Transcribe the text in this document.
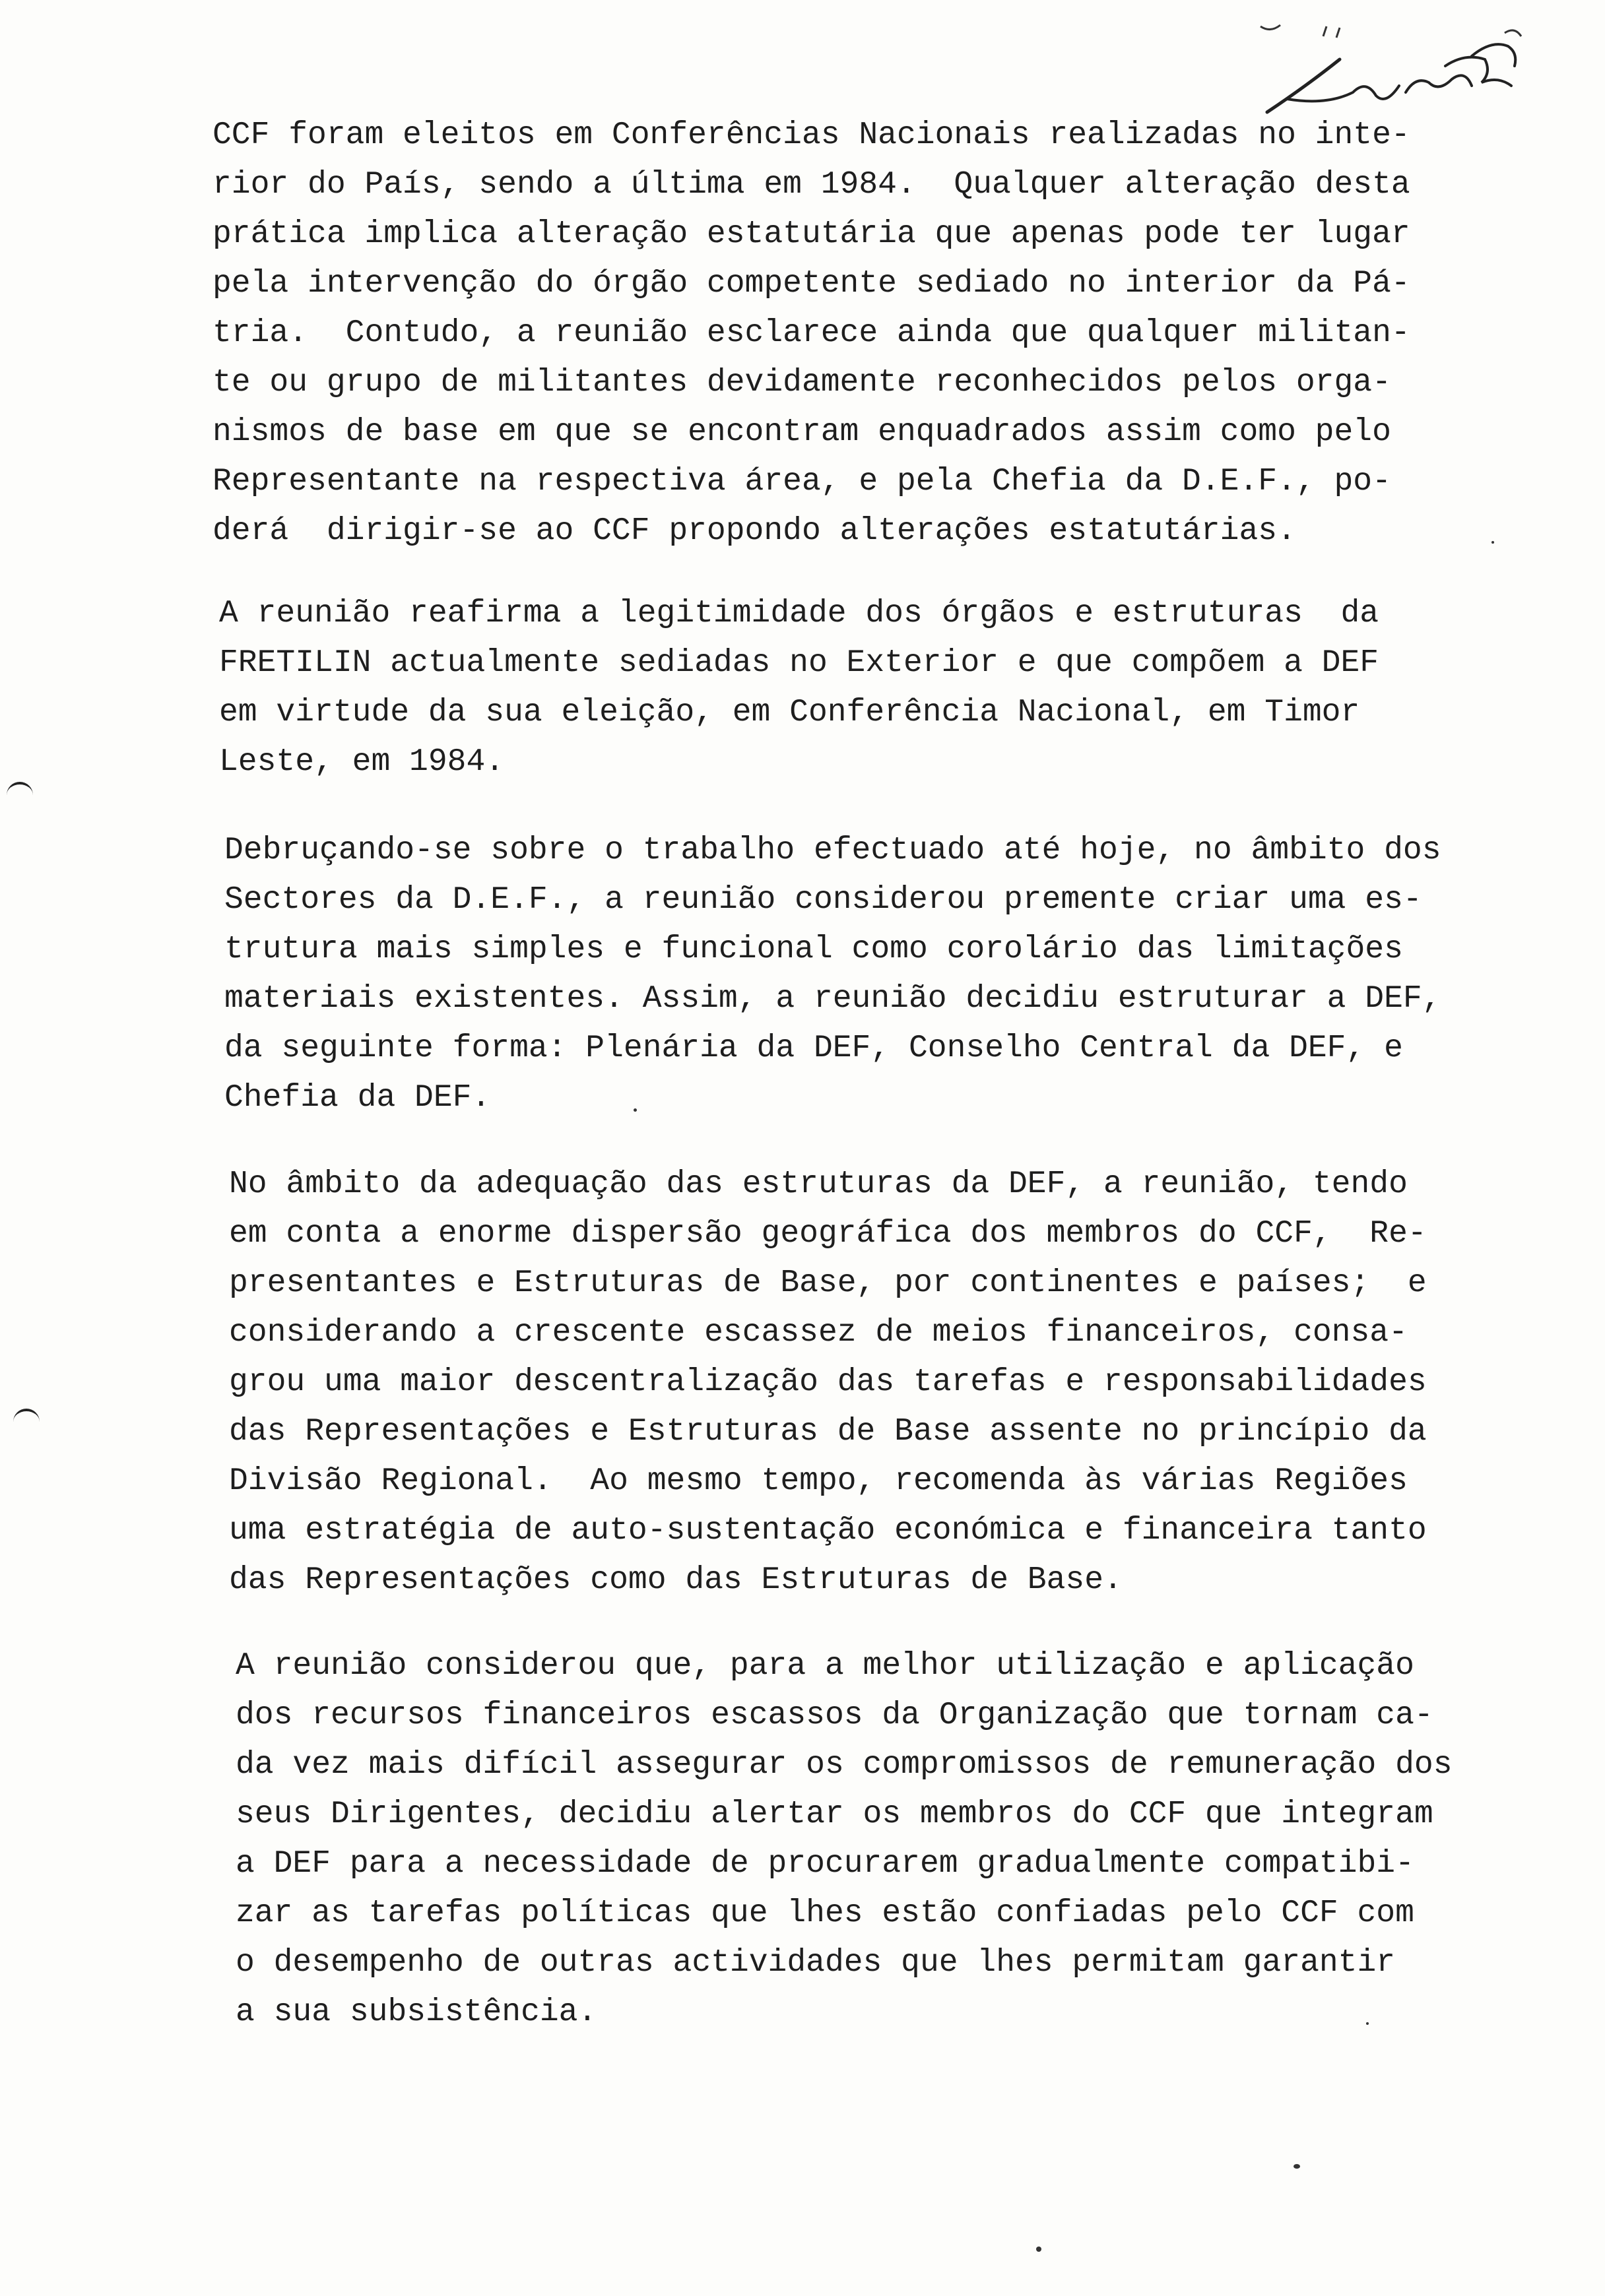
CCF foram eleitos em Conferências Nacionais realizadas no inte-
rior do País, sendo a última em 1984.  Qualquer alteração desta
prática implica alteração estatutária que apenas pode ter lugar
pela intervenção do órgão competente sediado no interior da Pá-
tria.  Contudo, a reunião esclarece ainda que qualquer militan-
te ou grupo de militantes devidamente reconhecidos pelos orga-
nismos de base em que se encontram enquadrados assim como pelo
Representante na respectiva área, e pela Chefia da D.E.F., po-
derá  dirigir-se ao CCF propondo alterações estatutárias.
A reunião reafirma a legitimidade dos órgãos e estruturas  da
FRETILIN actualmente sediadas no Exterior e que compõem a DEF
em virtude da sua eleição, em Conferência Nacional, em Timor
Leste, em 1984.
Debruçando-se sobre o trabalho efectuado até hoje, no âmbito dos
Sectores da D.E.F., a reunião considerou premente criar uma es-
trutura mais simples e funcional como corolário das limitações
materiais existentes. Assim, a reunião decidiu estruturar a DEF,
da seguinte forma: Plenária da DEF, Conselho Central da DEF, e
Chefia da DEF.
No âmbito da adequação das estruturas da DEF, a reunião, tendo
em conta a enorme dispersão geográfica dos membros do CCF,  Re-
presentantes e Estruturas de Base, por continentes e países;  e
considerando a crescente escassez de meios financeiros, consa-
grou uma maior descentralização das tarefas e responsabilidades
das Representações e Estruturas de Base assente no princípio da
Divisão Regional.  Ao mesmo tempo, recomenda às várias Regiões
uma estratégia de auto-sustentação económica e financeira tanto
das Representações como das Estruturas de Base.
A reunião considerou que, para a melhor utilização e aplicação
dos recursos financeiros escassos da Organização que tornam ca-
da vez mais difícil assegurar os compromissos de remuneração dos
seus Dirigentes, decidiu alertar os membros do CCF que integram
a DEF para a necessidade de procurarem gradualmente compatibi-
zar as tarefas políticas que lhes estão confiadas pelo CCF com
o desempenho de outras actividades que lhes permitam garantir
a sua subsistência.
